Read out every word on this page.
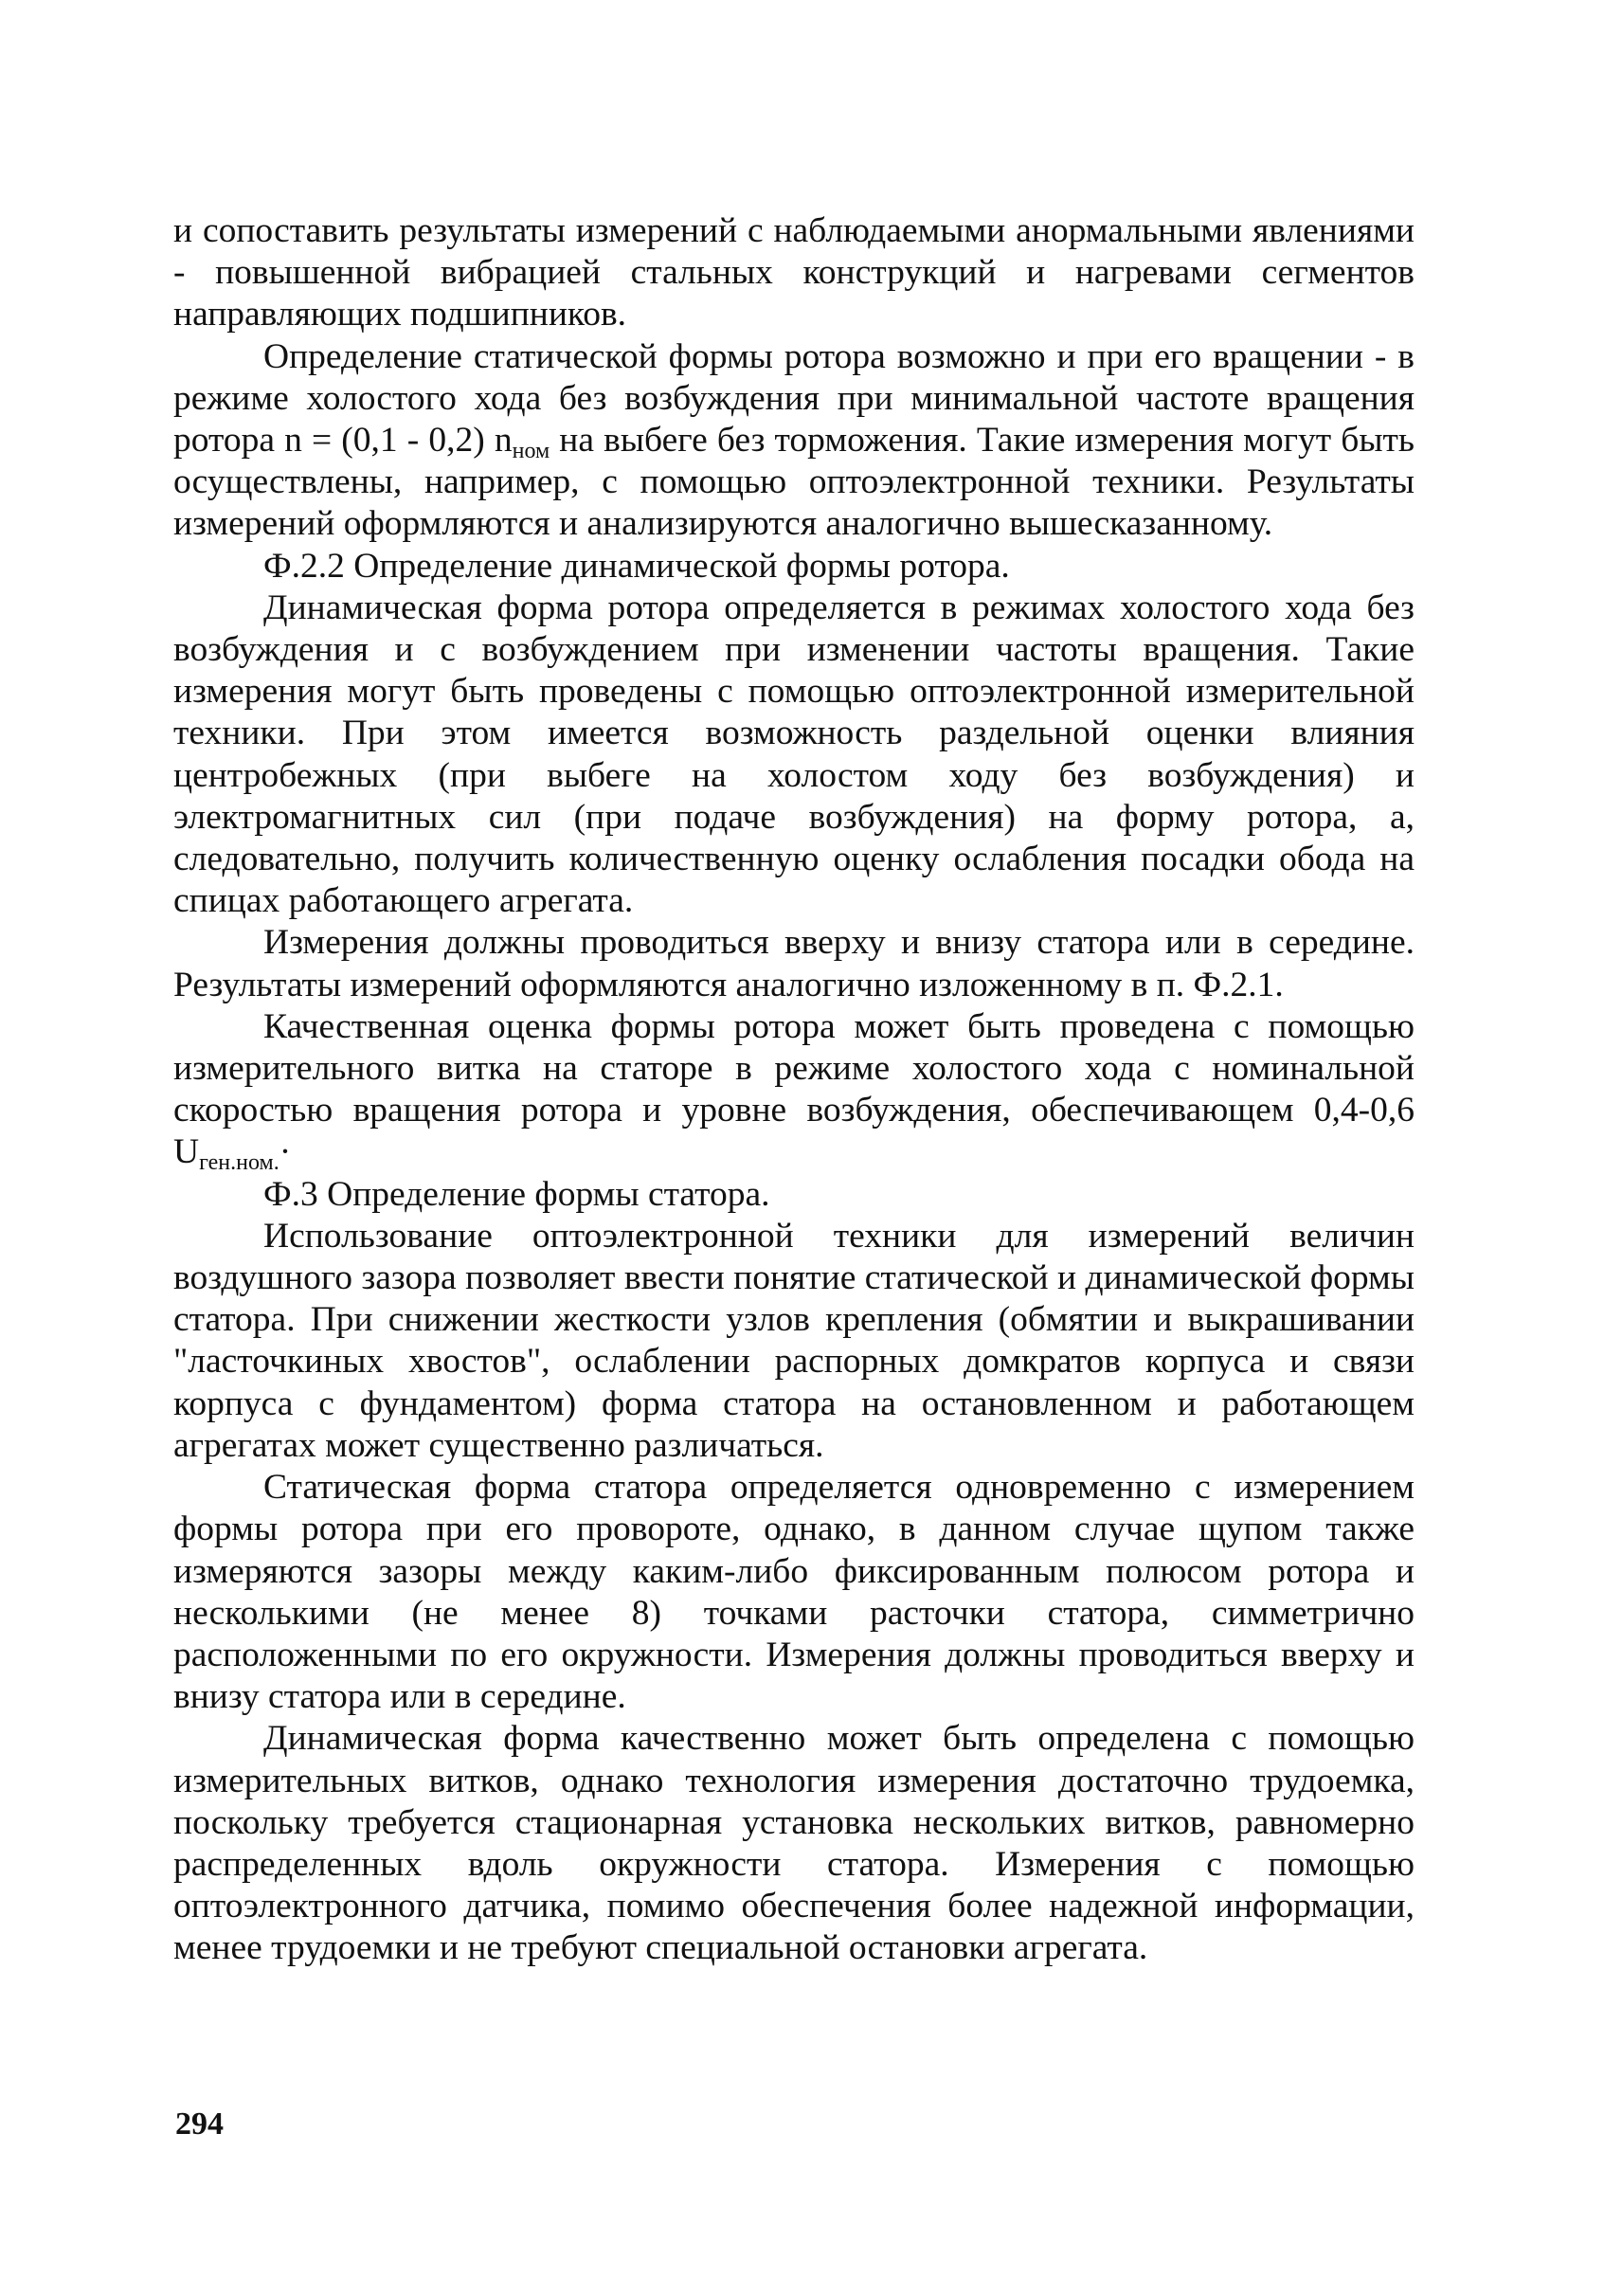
и сопоставить результаты измерений с наблюдаемыми анормальными явлениями - повышенной вибрацией стальных конструкций и нагревами сегментов направляющих подшипников.

Определение статической формы ротора возможно и при его вращении - в режиме холостого хода без возбуждения при минимальной частоте вращения ротора n = (0,1 - 0,2) $n_{ном}$ на выбеге без торможения. Такие измерения могут быть осуществлены, например, с помощью оптоэлектронной техники. Результаты измерений оформляются и анализируются аналогично вышесказанному.

Ф.2.2 Определение динамической формы ротора.

Динамическая форма ротора определяется в режимах холостого хода без возбуждения и с возбуждением при изменении частоты вращения. Такие измерения могут быть проведены с помощью оптоэлектронной измерительной техники. При этом имеется возможность раздельной оценки влияния центробежных (при выбеге на холостом ходу без возбуждения) и электромагнитных сил (при подаче возбуждения) на форму ротора, а, следовательно, получить количественную оценку ослабления посадки обода на спицах работающего агрегата.

Измерения должны проводиться вверху и внизу статора или в середине. Результаты измерений оформляются аналогично изложенному в п. Ф.2.1.

Качественная оценка формы ротора может быть проведена с помощью измерительного витка на статоре в режиме холостого хода с номинальной скоростью вращения ротора и уровне возбуждения, обеспечивающем 0,4-0,6 $U_{ген.ном.}\cdot$

Ф.3 Определение формы статора.

Использование оптоэлектронной техники для измерений величин воздушного зазора позволяет ввести понятие статической и динамической формы статора. При снижении жесткости узлов крепления (обмятии и выкрашивании "ласточкиных хвостов", ослаблении распорных домкратов корпуса и связи корпуса с фундаментом) форма статора на остановленном и работающем агрегатах может существенно различаться.

Статическая форма статора определяется одновременно с измерением формы ротора при его провороте, однако, в данном случае щупом также измеряются зазоры между каким-либо фиксированным полюсом ротора и несколькими (не менее 8) точками расточки статора, симметрично расположенными по его окружности. Измерения должны проводиться вверху и внизу статора или в середине.

Динамическая форма качественно может быть определена с помощью измерительных витков, однако технология измерения достаточно трудоемка, поскольку требуется стационарная установка нескольких витков, равномерно распределенных вдоль окружности статора. Измерения с помощью оптоэлектронного датчика, помимо обеспечения более надежной информации, менее трудоемки и не требуют специальной остановки агрегата.

294
